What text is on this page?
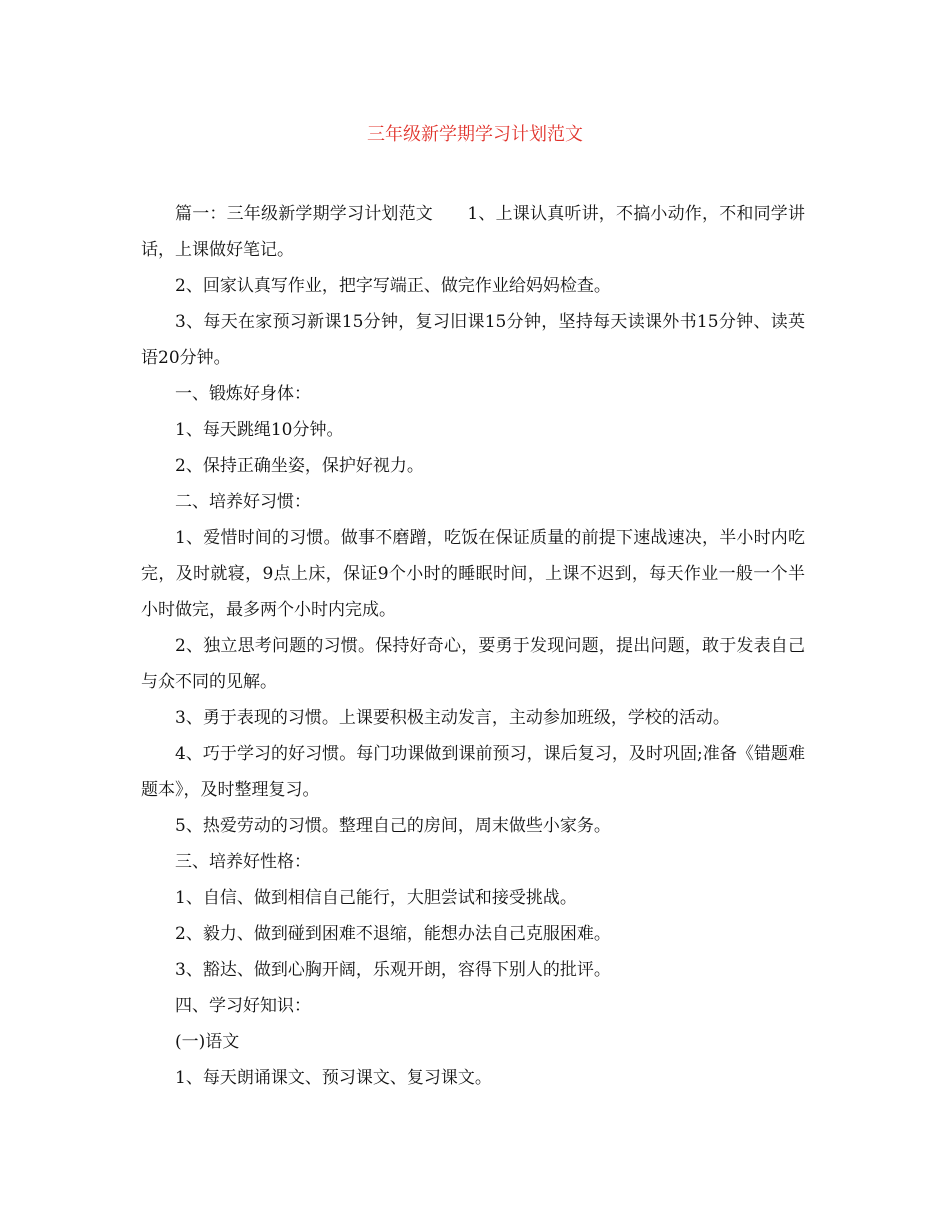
三年级新学期学习计划范文

篇一：三年级新学期学习计划范文　　1、上课认真听讲，不搞小动作，不和同学讲话，上课做好笔记。

2、回家认真写作业，把字写端正、做完作业给妈妈检查。

3、每天在家预习新课15分钟，复习旧课15分钟，坚持每天读课外书15分钟、读英语20分钟。

一、锻炼好身体：

1、每天跳绳10分钟。

2、保持正确坐姿，保护好视力。

二、培养好习惯：

1、爱惜时间的习惯。做事不磨蹭，吃饭在保证质量的前提下速战速决，半小时内吃完，及时就寝，9点上床，保证9个小时的睡眠时间，上课不迟到，每天作业一般一个半小时做完，最多两个小时内完成。

2、独立思考问题的习惯。保持好奇心，要勇于发现问题，提出问题，敢于发表自己与众不同的见解。

3、勇于表现的习惯。上课要积极主动发言，主动参加班级，学校的活动。

4、巧于学习的好习惯。每门功课做到课前预习，课后复习，及时巩固;准备《错题难题本》，及时整理复习。

5、热爱劳动的习惯。整理自己的房间，周末做些小家务。

三、培养好性格：

1、自信、做到相信自己能行，大胆尝试和接受挑战。

2、毅力、做到碰到困难不退缩，能想办法自己克服困难。

3、豁达、做到心胸开阔，乐观开朗，容得下别人的批评。

四、学习好知识：

(一)语文

1、每天朗诵课文、预习课文、复习课文。
